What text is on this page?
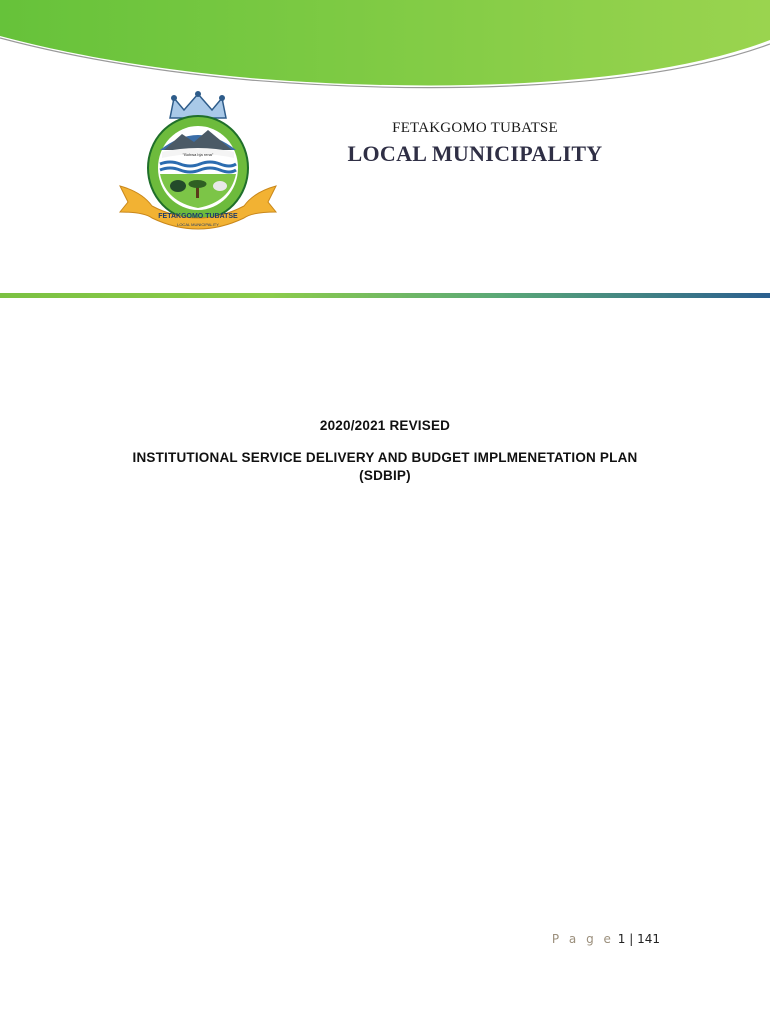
"Bohwa bja rena"
FETAKGOMO TUBATSE
LOCAL MUNICIPALITY
FETAKGOMO TUBATSE
LOCAL MUNICIPALITY
2020/2021 REVISED
INSTITUTIONAL SERVICE DELIVERY AND BUDGET IMPLMENETATION PLAN
(SDBIP)
P a g e 1 | 141
